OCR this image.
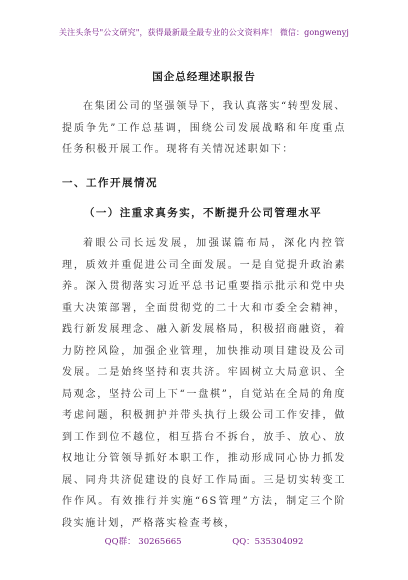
关注头条号"公文研究"，获得最新最全最专业的公文资料库！ 微信：gongwenyj
国企总经理述职报告
在集团公司的坚强领导下，我认真落实“转型发展、提质争先”工作总基调，围绕公司发展战略和年度重点任务积极开展工作。现将有关情况述职如下：
一、工作开展情况
（一）注重求真务实，不断提升公司管理水平
着眼公司长远发展，加强谋篇布局，深化内控管理，质效并重促进公司全面发展。一是自觉提升政治素养。深入贯彻落实习近平总书记重要指示批示和党中央重大决策部署，全面贯彻党的二十大和市委全会精神，践行新发展理念、融入新发展格局，积极招商融资，着力防控风险，加强企业管理，加快推动项目建设及公司发展。二是始终坚持和衷共济。牢固树立大局意识、全局观念，坚持公司上下“一盘棋”，自觉站在全局的角度考虑问题，积极拥护并带头执行上级公司工作安排，做到工作到位不越位，相互搭台不拆台，放手、放心、放权地让分管领导抓好本职工作，推动形成同心协力抓发展、同舟共济促建设的良好工作局面。三是切实转变工作作风。有效推行并实施“6S管理”方法，制定三个阶段实施计划，严格落实检查考核，
QQ群： 30265665	QQ：535304092
